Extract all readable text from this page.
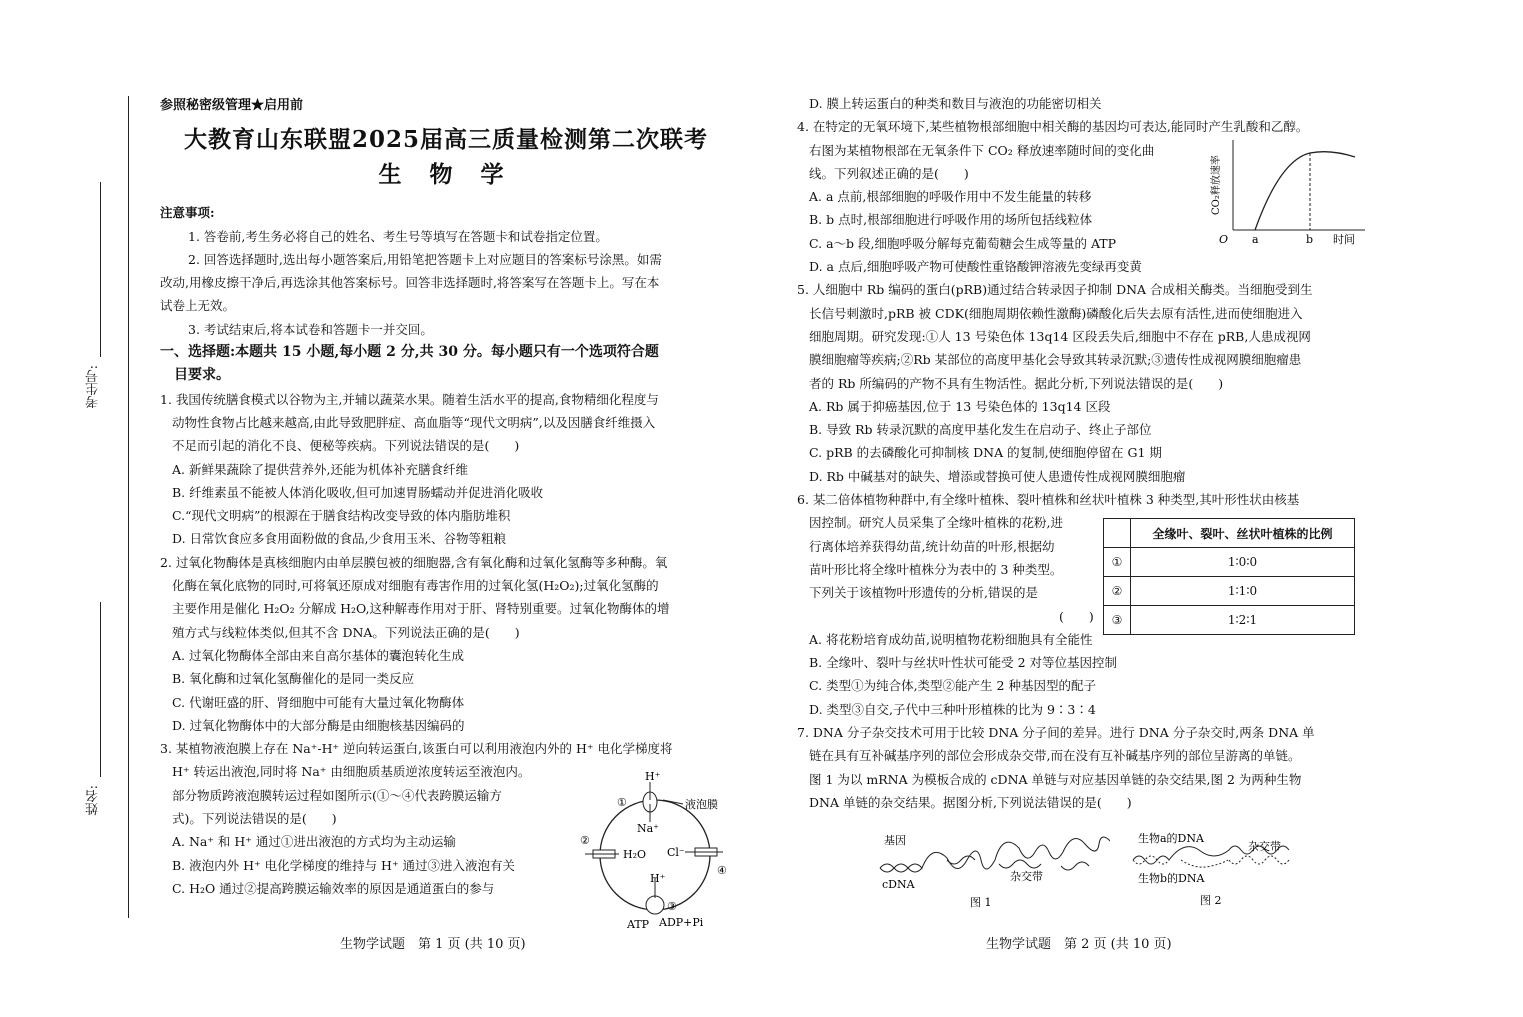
考生号:
姓名:
参照秘密级管理★启用前
大教育山东联盟2025届高三质量检测第二次联考
生 物 学
注意事项:
1. 答卷前,考生务必将自己的姓名、考生号等填写在答题卡和试卷指定位置。
2. 回答选择题时,选出每小题答案后,用铅笔把答题卡上对应题目的答案标号涂黑。如需
改动,用橡皮擦干净后,再选涂其他答案标号。回答非选择题时,将答案写在答题卡上。写在本
试卷上无效。
3. 考试结束后,将本试卷和答题卡一并交回。
一、选择题:本题共 15 小题,每小题 2 分,共 30 分。每小题只有一个选项符合题
目要求。
1. 我国传统膳食模式以谷物为主,并辅以蔬菜水果。随着生活水平的提高,食物精细化程度与
动物性食物占比越来越高,由此导致肥胖症、高血脂等“现代文明病”,以及因膳食纤维摄入
不足而引起的消化不良、便秘等疾病。下列说法错误的是(　　)
A. 新鲜果蔬除了提供营养外,还能为机体补充膳食纤维
B. 纤维素虽不能被人体消化吸收,但可加速胃肠蠕动并促进消化吸收
C.“现代文明病”的根源在于膳食结构改变导致的体内脂肪堆积
D. 日常饮食应多食用面粉做的食品,少食用玉米、谷物等粗粮
2. 过氧化物酶体是真核细胞内由单层膜包被的细胞器,含有氧化酶和过氧化氢酶等多种酶。氧
化酶在氧化底物的同时,可将氧还原成对细胞有毒害作用的过氧化氢(H₂O₂);过氧化氢酶的
主要作用是催化 H₂O₂ 分解成 H₂O,这种解毒作用对于肝、肾特别重要。过氧化物酶体的增
殖方式与线粒体类似,但其不含 DNA。下列说法正确的是(　　)
A. 过氧化物酶体全部由来自高尔基体的囊泡转化生成
B. 氧化酶和过氧化氢酶催化的是同一类反应
C. 代谢旺盛的肝、肾细胞中可能有大量过氧化物酶体
D. 过氧化物酶体中的大部分酶是由细胞核基因编码的
3. 某植物液泡膜上存在 Na⁺-H⁺ 逆向转运蛋白,该蛋白可以利用液泡内外的 H⁺ 电化学梯度将
H⁺ 转运出液泡,同时将 Na⁺ 由细胞质基质逆浓度转运至液泡内。
部分物质跨液泡膜转运过程如图所示(①～④代表跨膜运输方
式)。下列说法错误的是(　　)
A. Na⁺ 和 H⁺ 通过①进出液泡的方式均为主动运输
B. 液泡内外 H⁺ 电化学梯度的维持与 H⁺ 通过③进入液泡有关
C. H₂O 通过②提高跨膜运输效率的原因是通道蛋白的参与
H⁺
Na⁺
①	液泡膜
②
H₂O Cl⁻
④
H⁺
③
ATP ADP+Pi
生物学试题　第 1 页 (共 10 页)
D. 膜上转运蛋白的种类和数目与液泡的功能密切相关
4. 在特定的无氧环境下,某些植物根部细胞中相关酶的基因均可表达,能同时产生乳酸和乙醇。
右图为某植物根部在无氧条件下 CO₂ 释放速率随时间的变化曲
线。下列叙述正确的是(　　)
A. a 点前,根部细胞的呼吸作用中不发生能量的转移
B. b 点时,根部细胞进行呼吸作用的场所包括线粒体
C. a～b 段,细胞呼吸分解每克葡萄糖会生成等量的 ATP
D. a 点后,细胞呼吸产物可使酸性重铬酸钾溶液先变绿再变黄
5. 人细胞中 Rb 编码的蛋白(pRB)通过结合转录因子抑制 DNA 合成相关酶类。当细胞受到生
长信号刺激时,pRB 被 CDK(细胞周期依赖性激酶)磷酸化后失去原有活性,进而使细胞进入
细胞周期。研究发现:①人 13 号染色体 13q14 区段丢失后,细胞中不存在 pRB,人患成视网
膜细胞瘤等疾病;②Rb 某部位的高度甲基化会导致其转录沉默;③遗传性成视网膜细胞瘤患
者的 Rb 所编码的产物不具有生物活性。据此分析,下列说法错误的是(　　)
A. Rb 属于抑癌基因,位于 13 号染色体的 13q14 区段
B. 导致 Rb 转录沉默的高度甲基化发生在启动子、终止子部位
C. pRB 的去磷酸化可抑制核 DNA 的复制,使细胞停留在 G1 期
D. Rb 中碱基对的缺失、增添或替换可使人患遗传性成视网膜细胞瘤
6. 某二倍体植物种群中,有全缘叶植株、裂叶植株和丝状叶植株 3 种类型,其叶形性状由核基
因控制。研究人员采集了全缘叶植株的花粉,进
行离体培养获得幼苗,统计幼苗的叶形,根据幼
苗叶形比将全缘叶植株分为表中的 3 种类型。
下列关于该植物叶形遗传的分析,错误的是
(　　)
A. 将花粉培育成幼苗,说明植物花粉细胞具有全能性
B. 全缘叶、裂叶与丝状叶性状可能受 2 对等位基因控制
C. 类型①为纯合体,类型②能产生 2 种基因型的配子
D. 类型③自交,子代中三种叶形植株的比为 9∶3∶4
7. DNA 分子杂交技术可用于比较 DNA 分子间的差异。进行 DNA 分子杂交时,两条 DNA 单
链在具有互补碱基序列的部位会形成杂交带,而在没有互补碱基序列的部位呈游离的单链。
图 1 为以 mRNA 为模板合成的 cDNA 单链与对应基因单链的杂交结果,图 2 为两种生物
DNA 单链的杂交结果。据图分析,下列说法错误的是(　　)
CO₂释放速率
O a	b 时间
	全缘叶、裂叶、丝状叶植株的比例
①	1∶0∶0
②	1∶1∶0
③	1∶2∶1
基因
cDNA
杂交带
图 1
生物a的DNA
杂交带
生物b的DNA
图 2
生物学试题　第 2 页 (共 10 页)
